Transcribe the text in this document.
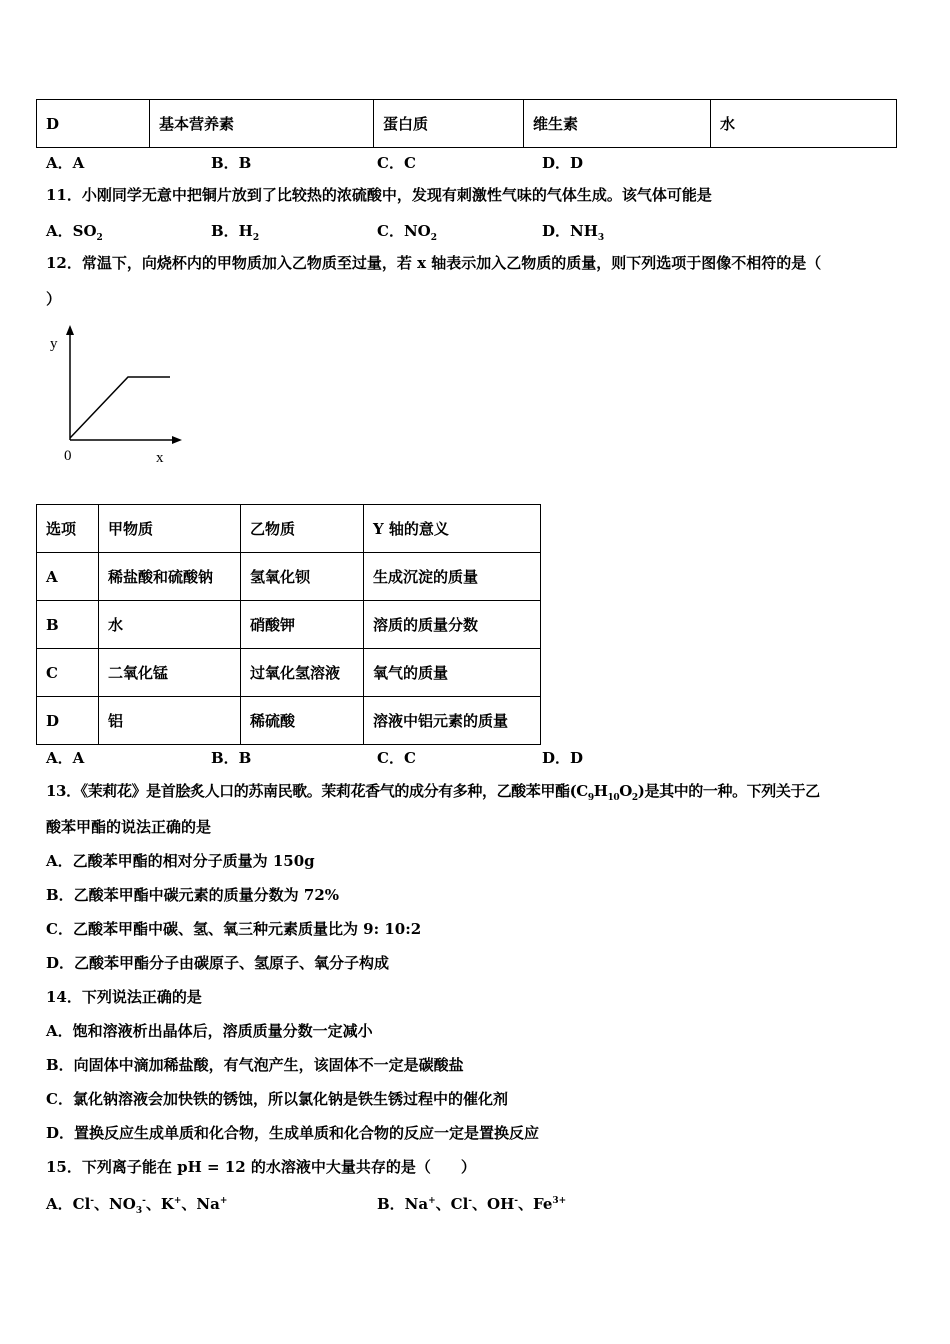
D	基本营养素	蛋白质	维生素	水
A．A	B．B	C．C	D．D
11．小刚同学无意中把铜片放到了比较热的浓硫酸中，发现有刺激性气味的气体生成。该气体可能是
A．$SO_2$	B．$H_2$	C．$NO_2$	D．$NH_3$
12．常温下，向烧杯内的甲物质加入乙物质至过量，若 x 轴表示加入乙物质的质量，则下列选项于图像不相符的是（
）
y
0	x
选项	甲物质	乙物质	Y 轴的意义
A	稀盐酸和硫酸钠	氢氧化钡	生成沉淀的质量
B	水	硝酸钾	溶质的质量分数
C	二氧化锰	过氧化氢溶液	氧气的质量
D	铝	稀硫酸	溶液中铝元素的质量
A．A	B．B	C．C	D．D
13．《茉莉花》是首脍炙人口的苏南民歌。茉莉花香气的成分有多种，乙酸苯甲酯$(C_9H_{10}O_2)$是其中的一种。下列关于乙
酸苯甲酯的说法正确的是
A．乙酸苯甲酯的相对分子质量为 150g
B．乙酸苯甲酯中碳元素的质量分数为 72%
C．乙酸苯甲酯中碳、氢、氧三种元素质量比为 9: 10:2
D．乙酸苯甲酯分子由碳原子、氢原子、氧分子构成
14．下列说法正确的是
A．饱和溶液析出晶体后，溶质质量分数一定减小
B．向固体中滴加稀盐酸，有气泡产生，该固体不一定是碳酸盐
C．氯化钠溶液会加快铁的锈蚀，所以氯化钠是铁生锈过程中的催化剂
D．置换反应生成单质和化合物，生成单质和化合物的反应一定是置换反应
15．下列离子能在 pH = 12 的水溶液中大量共存的是（　　）
A．Cl-、$NO_3^-$、K+、Na+	B．Na+、Cl-、OH-、$Fe^{3+}$
